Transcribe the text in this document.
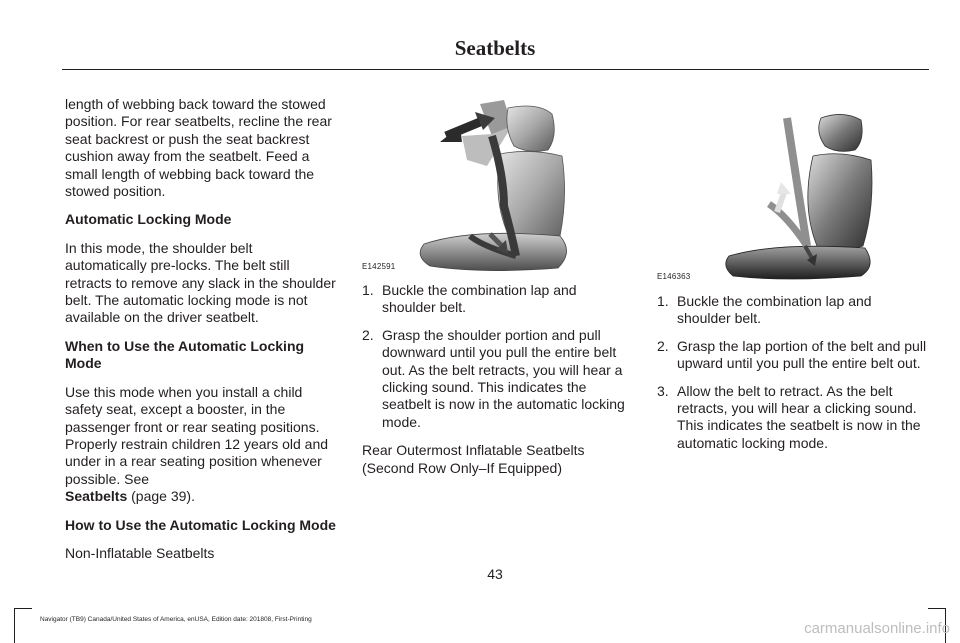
Seatbelts

length of webbing back toward the stowed position. For rear seatbelts, recline the rear seat backrest or push the seat backrest cushion away from the seatbelt. Feed a small length of webbing back toward the stowed position.

Automatic Locking Mode

In this mode, the shoulder belt automatically pre-locks. The belt still retracts to remove any slack in the shoulder belt. The automatic locking mode is not available on the driver seatbelt.

When to Use the Automatic Locking Mode

Use this mode when you install a child safety seat, except a booster, in the passenger front or rear seating positions. Properly restrain children 12 years old and under in a rear seating position whenever possible. See
Seatbelts (page 39).

How to Use the Automatic Locking Mode

Non-Inflatable Seatbelts

E142591
1. Buckle the combination lap and shoulder belt.
2. Grasp the shoulder portion and pull downward until you pull the entire belt out. As the belt retracts, you will hear a clicking sound. This indicates the seatbelt is now in the automatic locking mode.

Rear Outermost Inflatable Seatbelts (Second Row Only–If Equipped)

E146363
1. Buckle the combination lap and shoulder belt.
2. Grasp the lap portion of the belt and pull upward until you pull the entire belt out.
3. Allow the belt to retract. As the belt retracts, you will hear a clicking sound. This indicates the seatbelt is now in the automatic locking mode.
43
Navigator (TB9) Canada/United States of America, enUSA, Edition date: 201808, First-Printing
carmanualsonline.info
